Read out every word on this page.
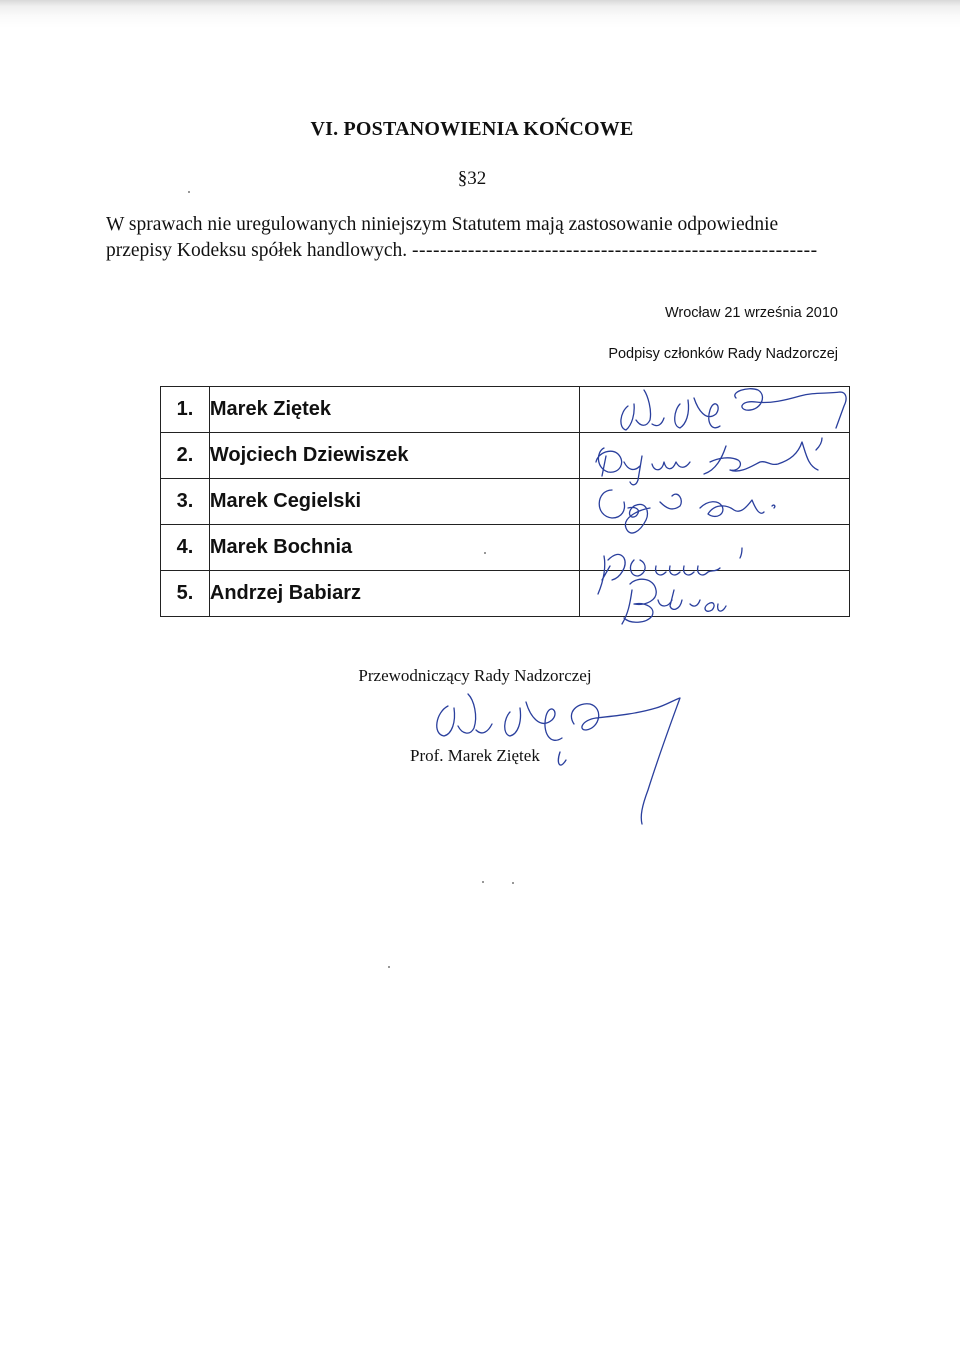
VI. POSTANOWIENIA KOŃCOWE
§32
W sprawach nie uregulowanych niniejszym Statutem mają zastosowanie odpowiednie
przepisy Kodeksu spółek handlowych. ----------------------------------------------------------
Wrocław 21 września 2010
Podpisy członków Rady Nadzorczej
1.	Marek Ziętek	
2.	Wojciech Dziewiszek	
3.	Marek Cegielski	
4.	Marek Bochnia	
5.	Andrzej Babiarz	
Przewodniczący Rady Nadzorczej
Prof. Marek Ziętek
